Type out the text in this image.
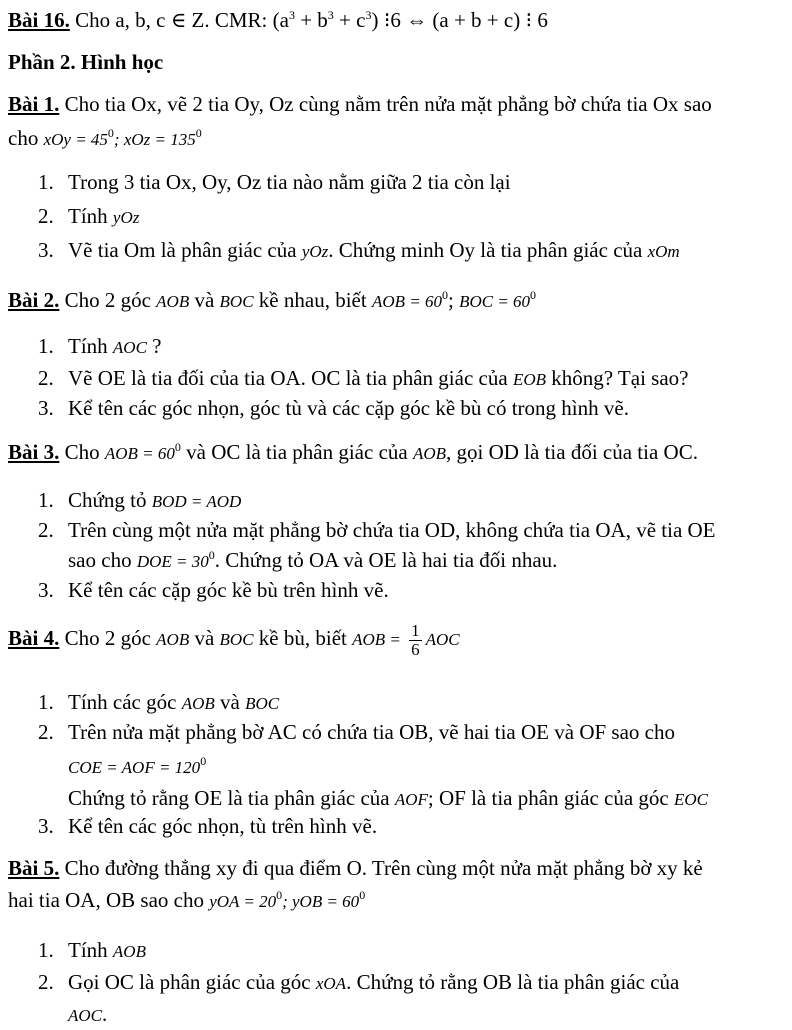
Bài 16. Cho a, b, c ∈ Z. CMR: $(a^3 + b^3 + c^3)$ ⁝6 ⇔ (a + b + c) ⁝ 6
Phần 2. Hình học
Bài 1. Cho tia Ox, vẽ 2 tia Oy, Oz cùng nằm trên nửa mặt phẳng bờ chứa tia Ox sao
cho xOy = $45^0$; xOz = $135^0$
1. Trong 3 tia Ox, Oy, Oz tia nào nằm giữa 2 tia còn lại
2. Tính yOz
3. Vẽ tia Om là phân giác của yOz. Chứng minh Oy là tia phân giác của xOm
Bài 2. Cho 2 góc AOB và BOC kề nhau, biết AOB = $60^0$; BOC = $60^0$
1. Tính AOC ?
2. Vẽ OE là tia đối của tia OA. OC là tia phân giác của EOB không? Tại sao?
3. Kể tên các góc nhọn, góc tù và các cặp góc kề bù có trong hình vẽ.
Bài 3. Cho AOB = $60^0$ và OC là tia phân giác của AOB, gọi OD là tia đối của tia OC.
1. Chứng tỏ BOD = AOD
2. Trên cùng một nửa mặt phẳng bờ chứa tia OD, không chứa tia OA, vẽ tia OE
sao cho DOE = $30^0$. Chứng tỏ OA và OE là hai tia đối nhau.
3. Kể tên các cặp góc kề bù trên hình vẽ.
Bài 4. Cho 2 góc AOB và BOC kề bù, biết AOB = $\frac{1}{6}$ AOC
1. Tính các góc AOB và BOC
2. Trên nửa mặt phẳng bờ AC có chứa tia OB, vẽ hai tia OE và OF sao cho
COE = AOF = $120^0$
Chứng tỏ rằng OE là tia phân giác của AOF; OF là tia phân giác của góc EOC
3. Kể tên các góc nhọn, tù trên hình vẽ.
Bài 5. Cho đường thẳng xy đi qua điểm O. Trên cùng một nửa mặt phẳng bờ xy kẻ
hai tia OA, OB sao cho yOA = $20^0$; yOB = $60^0$
1. Tính AOB
2. Gọi OC là phân giác của góc xOA. Chứng tỏ rằng OB là tia phân giác của
AOC.
